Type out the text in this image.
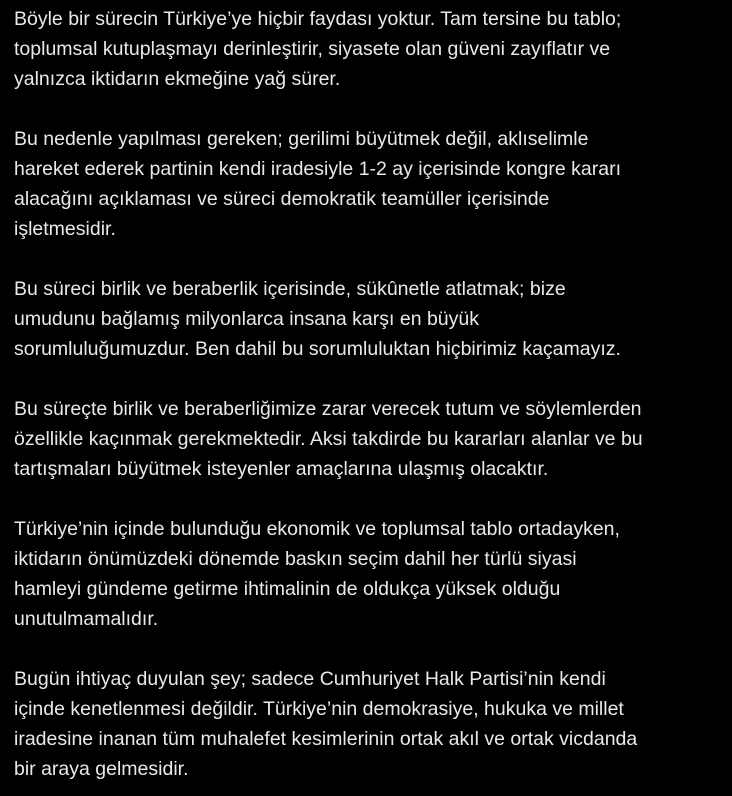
Böyle bir sürecin Türkiye’ye hiçbir faydası yoktur. Tam tersine bu tablo;
toplumsal kutuplaşmayı derinleştirir, siyasete olan güveni zayıflatır ve
yalnızca iktidarın ekmeğine yağ sürer.

Bu nedenle yapılması gereken; gerilimi büyütmek değil, aklıselimle
hareket ederek partinin kendi iradesiyle 1-2 ay içerisinde kongre kararı
alacağını açıklaması ve süreci demokratik teamüller içerisinde
işletmesidir.

Bu süreci birlik ve beraberlik içerisinde, sükûnetle atlatmak; bize
umudunu bağlamış milyonlarca insana karşı en büyük
sorumluluğumuzdur. Ben dahil bu sorumluluktan hiçbirimiz kaçamayız.

Bu süreçte birlik ve beraberliğimize zarar verecek tutum ve söylemlerden
özellikle kaçınmak gerekmektedir. Aksi takdirde bu kararları alanlar ve bu
tartışmaları büyütmek isteyenler amaçlarına ulaşmış olacaktır.

Türkiye’nin içinde bulunduğu ekonomik ve toplumsal tablo ortadayken,
iktidarın önümüzdeki dönemde baskın seçim dahil her türlü siyasi
hamleyi gündeme getirme ihtimalinin de oldukça yüksek olduğu
unutulmamalıdır.

Bugün ihtiyaç duyulan şey; sadece Cumhuriyet Halk Partisi’nin kendi
içinde kenetlenmesi değildir. Türkiye’nin demokrasiye, hukuka ve millet
iradesine inanan tüm muhalefet kesimlerinin ortak akıl ve ortak vicdanda
bir araya gelmesidir.
